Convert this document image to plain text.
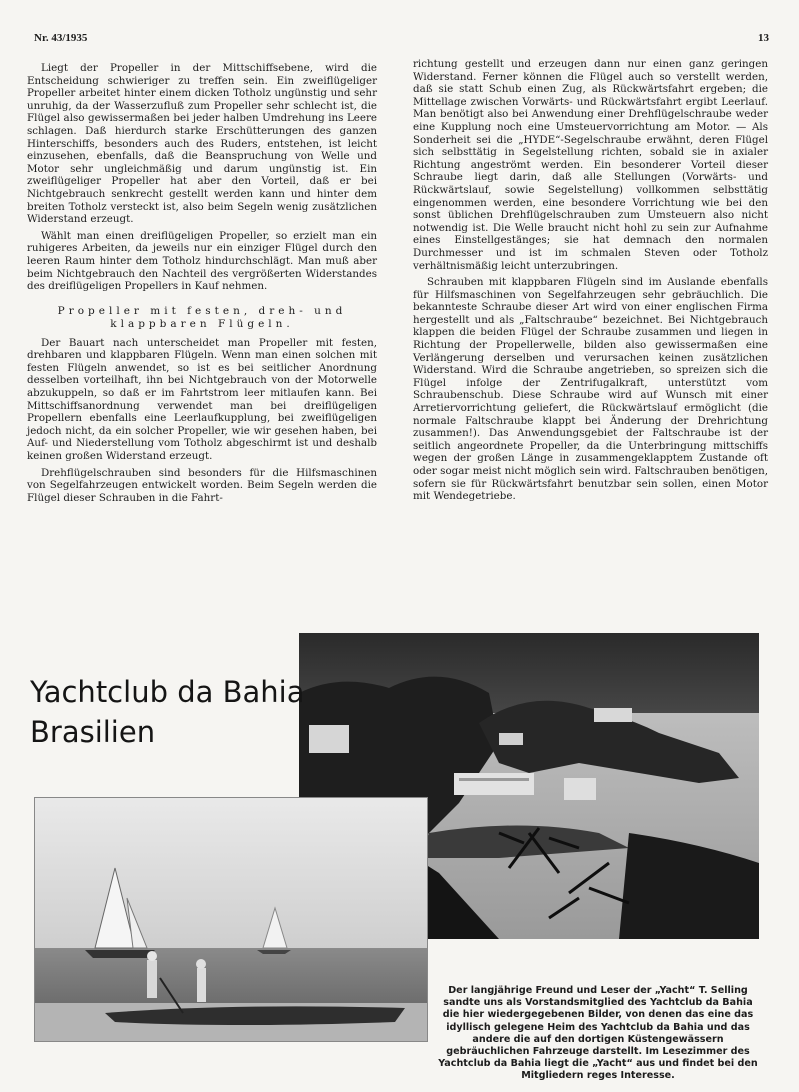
Nr. 43/1935	13

Liegt der Propeller in der Mittschiffsebene, wird die Entscheidung schwieriger zu treffen sein. Ein zweiflügeliger Propeller arbeitet hinter einem dicken Totholz ungünstig und sehr unruhig, da der Wasserzufluß zum Propeller sehr schlecht ist, die Flügel also gewissermaßen bei jeder halben Umdrehung ins Leere schlagen. Daß hierdurch starke Erschütterungen des ganzen Hinterschiffs, besonders auch des Ruders, entstehen, ist leicht einzusehen, ebenfalls, daß die Beanspruchung von Welle und Motor sehr ungleichmäßig und darum ungünstig ist. Ein zweiflügeliger Propeller hat aber den Vorteil, daß er bei Nichtgebrauch senkrecht gestellt werden kann und hinter dem breiten Totholz versteckt ist, also beim Segeln wenig zusätzlichen Widerstand erzeugt.

Wählt man einen dreiflügeligen Propeller, so erzielt man ein ruhigeres Arbeiten, da jeweils nur ein einziger Flügel durch den leeren Raum hinter dem Totholz hindurchschlägt. Man muß aber beim Nichtgebrauch den Nachteil des vergrößerten Widerstandes des dreiflügeligen Propellers in Kauf nehmen.

Propeller mit festen, dreh- und klappbaren Flügeln.

Der Bauart nach unterscheidet man Propeller mit festen, drehbaren und klappbaren Flügeln. Wenn man einen solchen mit festen Flügeln anwendet, so ist es bei seitlicher Anordnung desselben vorteilhaft, ihn bei Nichtgebrauch von der Motorwelle abzukuppeln, so daß er im Fahrtstrom leer mitlaufen kann. Bei Mittschiffsanordnung verwendet man bei dreiflügeligen Propellern ebenfalls eine Leerlaufkupplung, bei zweiflügeligen jedoch nicht, da ein solcher Propeller, wie wir gesehen haben, bei Auf- und Niederstellung vom Totholz abgeschirmt ist und deshalb keinen großen Widerstand erzeugt.

Drehflügelschrauben sind besonders für die Hilfsmaschinen von Segelfahrzeugen entwickelt worden. Beim Segeln werden die Flügel dieser Schrauben in die Fahrt-

richtung gestellt und erzeugen dann nur einen ganz geringen Widerstand. Ferner können die Flügel auch so verstellt werden, daß sie statt Schub einen Zug, als Rückwärtsfahrt ergeben; die Mittellage zwischen Vorwärts- und Rückwärtsfahrt ergibt Leerlauf. Man benötigt also bei Anwendung einer Drehflügelschraube weder eine Kupplung noch eine Umsteuervorrichtung am Motor. — Als Sonderheit sei die „HYDE“-Segelschraube erwähnt, deren Flügel sich selbsttätig in Segelstellung richten, sobald sie in axialer Richtung angeströmt werden. Ein besonderer Vorteil dieser Schraube liegt darin, daß alle Stellungen (Vorwärts- und Rückwärtslauf, sowie Segelstellung) vollkommen selbsttätig eingenommen werden, eine besondere Vorrichtung wie bei den sonst üblichen Drehflügelschrauben zum Umsteuern also nicht notwendig ist. Die Welle braucht nicht hohl zu sein zur Aufnahme eines Einstellgestänges; sie hat demnach den normalen Durchmesser und ist im schmalen Steven oder Totholz verhältnismäßig leicht unterzubringen.

Schrauben mit klappbaren Flügeln sind im Auslande ebenfalls für Hilfsmaschinen von Segelfahrzeugen sehr gebräuchlich. Die bekannteste Schraube dieser Art wird von einer englischen Firma hergestellt und als „Faltschraube“ bezeichnet. Bei Nichtgebrauch klappen die beiden Flügel der Schraube zusammen und liegen in Richtung der Propellerwelle, bilden also gewissermaßen eine Verlängerung derselben und verursachen keinen zusätzlichen Widerstand. Wird die Schraube angetrieben, so spreizen sich die Flügel infolge der Zentrifugalkraft, unterstützt vom Schraubenschub. Diese Schraube wird auf Wunsch mit einer Arretiervorrichtung geliefert, die Rückwärtslauf ermöglicht (die normale Faltschraube klappt bei Änderung der Drehrichtung zusammen!). Das Anwendungsgebiet der Faltschraube ist der seitlich angeordnete Propeller, da die Unterbringung mittschiffs wegen der großen Länge in zusammengeklapptem Zustande oft oder sogar meist nicht möglich sein wird. Faltschrauben benötigen, sofern sie für Rückwärtsfahrt benutzbar sein sollen, einen Motor mit Wendegetriebe.

Yachtclub da Bahia
Brasilien
Der langjährige Freund und Leser der „Yacht“ T. Selling sandte uns als Vorstandsmitglied des Yachtclub da Bahia die hier wiedergegebenen Bilder, von denen das eine das idyllisch gelegene Heim des Yachtclub da Bahia und das andere die auf den dortigen Küstengewässern gebräuchlichen Fahrzeuge darstellt. Im Lesezimmer des Yachtclub da Bahia liegt die „Yacht“ aus und findet bei den Mitgliedern reges Interesse.
